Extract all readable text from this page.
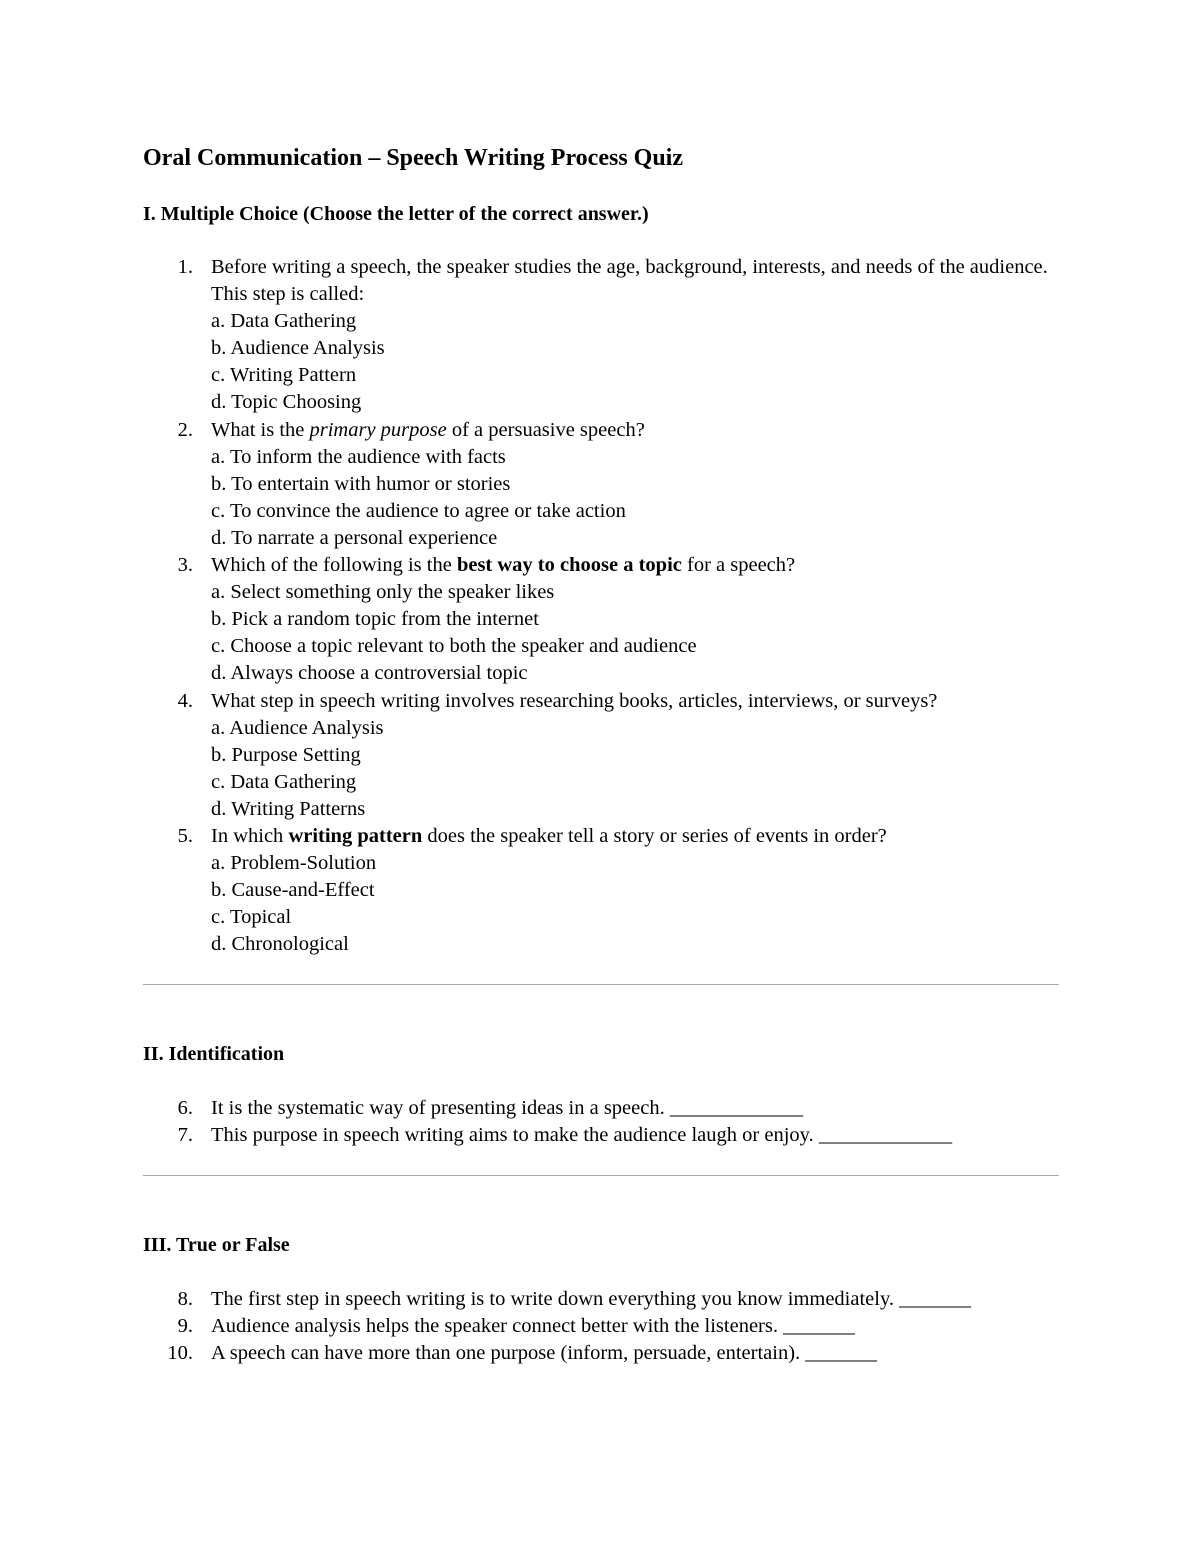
Oral Communication – Speech Writing Process Quiz
I. Multiple Choice (Choose the letter of the correct answer.)
1. Before writing a speech, the speaker studies the age, background, interests, and needs of the audience. This step is called:
a. Data Gathering
b. Audience Analysis
c. Writing Pattern
d. Topic Choosing
2. What is the primary purpose of a persuasive speech?
a. To inform the audience with facts
b. To entertain with humor or stories
c. To convince the audience to agree or take action
d. To narrate a personal experience
3. Which of the following is the best way to choose a topic for a speech?
a. Select something only the speaker likes
b. Pick a random topic from the internet
c. Choose a topic relevant to both the speaker and audience
d. Always choose a controversial topic
4. What step in speech writing involves researching books, articles, interviews, or surveys?
a. Audience Analysis
b. Purpose Setting
c. Data Gathering
d. Writing Patterns
5. In which writing pattern does the speaker tell a story or series of events in order?
a. Problem-Solution
b. Cause-and-Effect
c. Topical
d. Chronological
II. Identification
6. It is the systematic way of presenting ideas in a speech. _____________
7. This purpose in speech writing aims to make the audience laugh or enjoy. _____________
III. True or False
8. The first step in speech writing is to write down everything you know immediately. _______
9. Audience analysis helps the speaker connect better with the listeners. _______
10. A speech can have more than one purpose (inform, persuade, entertain). _______
